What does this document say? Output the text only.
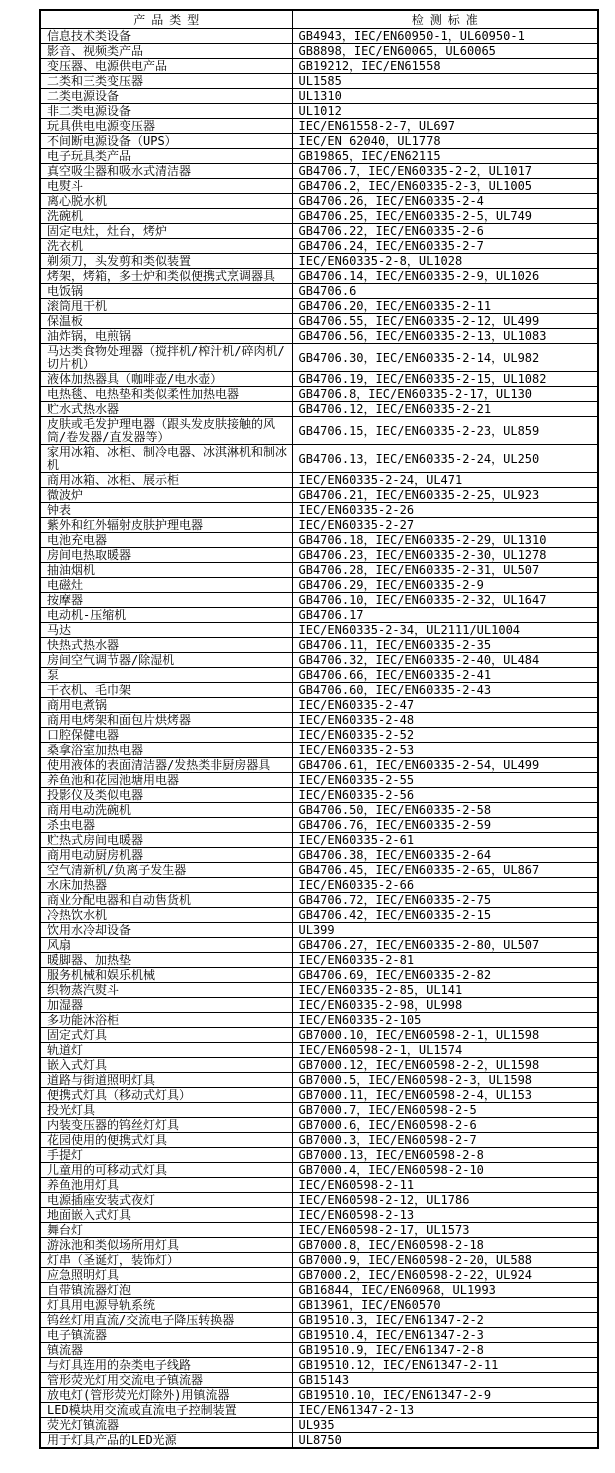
产品类型	检测标准
信息技术类设备	GB4943，IEC/EN60950-1，UL60950-1
影音、视频类产品	GB8898，IEC/EN60065，UL60065
变压器、电源供电产品	GB19212，IEC/EN61558
二类和三类变压器	UL1585
二类电源设备	UL1310
非二类电源设备	UL1012
玩具供电电源变压器	IEC/EN61558-2-7，UL697
不间断电源设备（UPS）	IEC/EN 62040，UL1778
电子玩具类产品	GB19865，IEC/EN62115
真空吸尘器和吸水式清洁器	GB4706.7，IEC/EN60335-2-2，UL1017
电熨斗	GB4706.2，IEC/EN60335-2-3，UL1005
离心脱水机	GB4706.26，IEC/EN60335-2-4
洗碗机	GB4706.25，IEC/EN60335-2-5，UL749
固定电灶，灶台，烤炉	GB4706.22，IEC/EN60335-2-6
洗衣机	GB4706.24，IEC/EN60335-2-7
剃须刀，头发剪和类似装置	IEC/EN60335-2-8，UL1028
烤架，烤箱，多士炉和类似便携式烹调器具	GB4706.14，IEC/EN60335-2-9，UL1026
电饭锅	GB4706.6
滚筒甩干机	GB4706.20，IEC/EN60335-2-11
保温板	GB4706.55，IEC/EN60335-2-12，UL499
油炸锅，电煎锅	GB4706.56，IEC/EN60335-2-13，UL1083
马达类食物处理器（搅拌机/榨汁机/碎肉机/切片机）	GB4706.30，IEC/EN60335-2-14，UL982
液体加热器具（咖啡壶/电水壶）	GB4706.19，IEC/EN60335-2-15，UL1082
电热毯、电热垫和类似柔性加热电器	GB4706.8，IEC/EN60335-2-17，UL130
贮水式热水器	GB4706.12，IEC/EN60335-2-21
皮肤或毛发护理电器（跟头发皮肤接触的风筒/卷发器/直发器等）	GB4706.15，IEC/EN60335-2-23，UL859
家用冰箱、冰柜、制冷电器、冰淇淋机和制冰机	GB4706.13，IEC/EN60335-2-24，UL250
商用冰箱、冰柜、展示柜	IEC/EN60335-2-24，UL471
微波炉	GB4706.21，IEC/EN60335-2-25，UL923
钟表	IEC/EN60335-2-26
紫外和红外辐射皮肤护理电器	IEC/EN60335-2-27
电池充电器	GB4706.18，IEC/EN60335-2-29，UL1310
房间电热取暖器	GB4706.23，IEC/EN60335-2-30，UL1278
抽油烟机	GB4706.28，IEC/EN60335-2-31，UL507
电磁灶	GB4706.29，IEC/EN60335-2-9
按摩器	GB4706.10，IEC/EN60335-2-32，UL1647
电动机-压缩机	GB4706.17
马达	IEC/EN60335-2-34，UL2111/UL1004
快热式热水器	GB4706.11，IEC/EN60335-2-35
房间空气调节器/除湿机	GB4706.32，IEC/EN60335-2-40，UL484
泵	GB4706.66，IEC/EN60335-2-41
干衣机、毛巾架	GB4706.60，IEC/EN60335-2-43
商用电煮锅	IEC/EN60335-2-47
商用电烤架和面包片烘烤器	IEC/EN60335-2-48
口腔保健电器	IEC/EN60335-2-52
桑拿浴室加热电器	IEC/EN60335-2-53
使用液体的表面清洁器/发热类非厨房器具	GB4706.61，IEC/EN60335-2-54，UL499
养鱼池和花园池塘用电器	IEC/EN60335-2-55
投影仪及类似电器	IEC/EN60335-2-56
商用电动洗碗机	GB4706.50，IEC/EN60335-2-58
杀虫电器	GB4706.76，IEC/EN60335-2-59
贮热式房间电暖器	IEC/EN60335-2-61
商用电动厨房机器	GB4706.38，IEC/EN60335-2-64
空气清新机/负离子发生器	GB4706.45，IEC/EN60335-2-65，UL867
水床加热器	IEC/EN60335-2-66
商业分配电器和自动售货机	GB4706.72，IEC/EN60335-2-75
冷热饮水机	GB4706.42，IEC/EN60335-2-15
饮用水冷却设备	UL399
风扇	GB4706.27，IEC/EN60335-2-80，UL507
暖脚器、加热垫	IEC/EN60335-2-81
服务机械和娱乐机械	GB4706.69，IEC/EN60335-2-82
织物蒸汽熨斗	IEC/EN60335-2-85，UL141
加湿器	IEC/EN60335-2-98，UL998
多功能沐浴柜	IEC/EN60335-2-105
固定式灯具	GB7000.10，IEC/EN60598-2-1，UL1598
轨道灯	IEC/EN60598-2-1，UL1574
嵌入式灯具	GB7000.12，IEC/EN60598-2-2，UL1598
道路与街道照明灯具	GB7000.5，IEC/EN60598-2-3，UL1598
便携式灯具（移动式灯具）	GB7000.11，IEC/EN60598-2-4，UL153
投光灯具	GB7000.7，IEC/EN60598-2-5
内装变压器的钨丝灯灯具	GB7000.6，IEC/EN60598-2-6
花园使用的便携式灯具	GB7000.3，IEC/EN60598-2-7
手提灯	GB7000.13，IEC/EN60598-2-8
儿童用的可移动式灯具	GB7000.4，IEC/EN60598-2-10
养鱼池用灯具	IEC/EN60598-2-11
电源插座安装式夜灯	IEC/EN60598-2-12，UL1786
地面嵌入式灯具	IEC/EN60598-2-13
舞台灯	IEC/EN60598-2-17，UL1573
游泳池和类似场所用灯具	GB7000.8，IEC/EN60598-2-18
灯串（圣诞灯，装饰灯）	GB7000.9，IEC/EN60598-2-20，UL588
应急照明灯具	GB7000.2，IEC/EN60598-2-22，UL924
自带镇流器灯泡	GB16844，IEC/EN60968，UL1993
灯具用电源导轨系统	GB13961，IEC/EN60570
钨丝灯用直流/交流电子降压转换器	GB19510.3，IEC/EN61347-2-2
电子镇流器	GB19510.4，IEC/EN61347-2-3
镇流器	GB19510.9，IEC/EN61347-2-8
与灯具连用的杂类电子线路	GB19510.12，IEC/EN61347-2-11
管形荧光灯用交流电子镇流器	GB15143
放电灯(管形荧光灯除外)用镇流器	GB19510.10，IEC/EN61347-2-9
LED模块用交流或直流电子控制装置	IEC/EN61347-2-13
荧光灯镇流器	UL935
用于灯具产品的LED光源	UL8750
